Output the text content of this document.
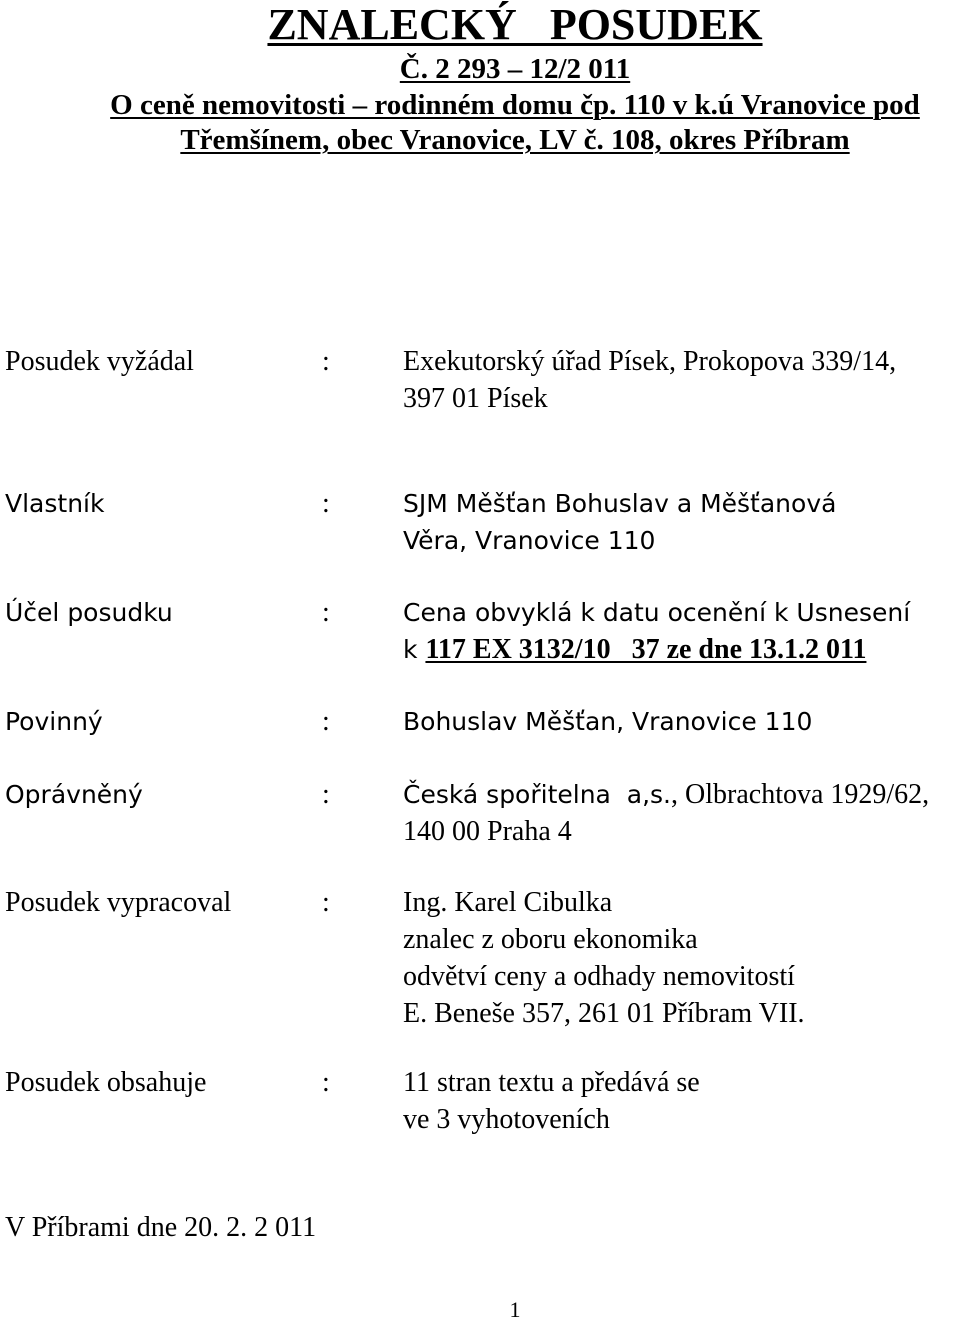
ZNALECKÝ   POSUDEK
Č. 2 293 – 12/2 011
O ceně nemovitosti – rodinném domu čp. 110 v k.ú Vranovice pod
Třemšínem, obec Vranovice, LV č. 108, okres Příbram
Posudek vyžádal	:	Exekutorský úřad Písek, Prokopova 339/14,
397 01 Písek
Vlastník	:	SJM Měšťan Bohuslav a Měšťanová
Věra, Vranovice 110
Účel posudku	:	Cena obvyklá k datu ocenění k Usnesení
k 117 EX 3132/10   37 ze dne 13.1.2 011
Povinný	:	Bohuslav Měšťan, Vranovice 110
Oprávněný	:	Česká spořitelna  a,s., Olbrachtova 1929/62,
140 00 Praha 4
Posudek vypracoval	:	Ing. Karel Cibulka
znalec z oboru ekonomika
odvětví ceny a odhady nemovitostí
E. Beneše 357, 261 01 Příbram VII.
Posudek obsahuje	:	11 stran textu a předává se
ve 3 vyhotoveních
V Příbrami dne 20. 2. 2 011
1
